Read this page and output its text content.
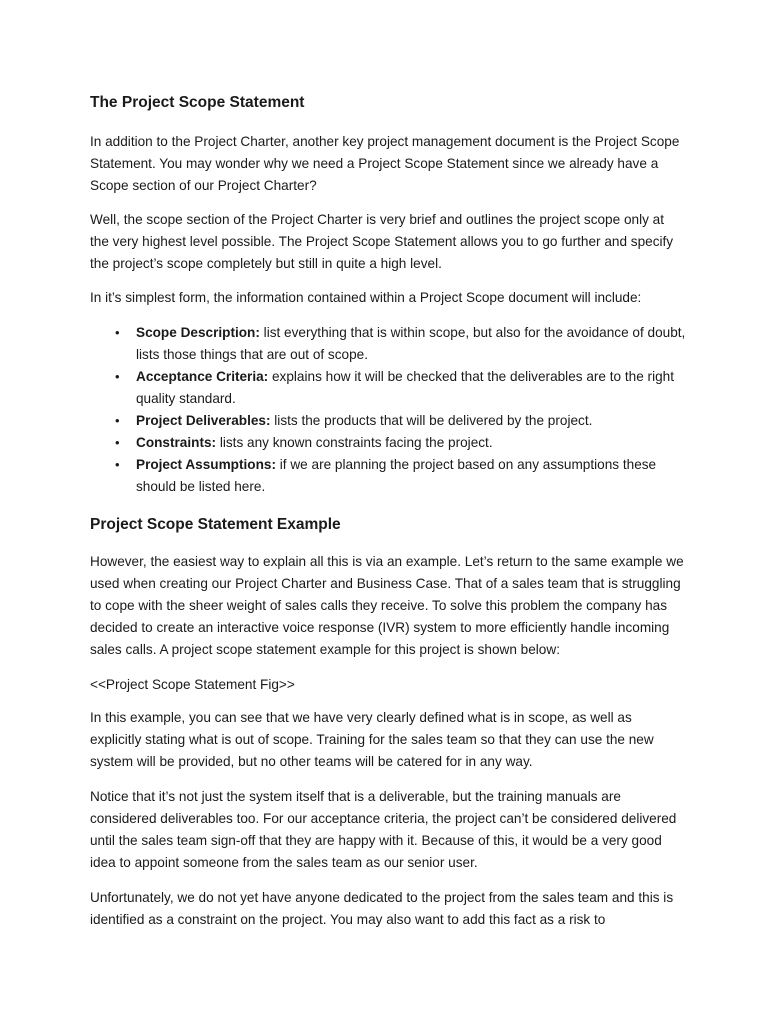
The Project Scope Statement

In addition to the Project Charter, another key project management document is the Project Scope Statement. You may wonder why we need a Project Scope Statement since we already have a Scope section of our Project Charter?

Well, the scope section of the Project Charter is very brief and outlines the project scope only at the very highest level possible. The Project Scope Statement allows you to go further and specify the project’s scope completely but still in quite a high level.

In it’s simplest form, the information contained within a Project Scope document will include:

• Scope Description: list everything that is within scope, but also for the avoidance of doubt, lists those things that are out of scope.
• Acceptance Criteria: explains how it will be checked that the deliverables are to the right quality standard.
• Project Deliverables: lists the products that will be delivered by the project.
• Constraints: lists any known constraints facing the project.
• Project Assumptions: if we are planning the project based on any assumptions these should be listed here.
Project Scope Statement Example

However, the easiest way to explain all this is via an example. Let’s return to the same example we used when creating our Project Charter and Business Case. That of a sales team that is struggling to cope with the sheer weight of sales calls they receive. To solve this problem the company has decided to create an interactive voice response (IVR) system to more efficiently handle incoming sales calls. A project scope statement example for this project is shown below:

<<Project Scope Statement Fig>>

In this example, you can see that we have very clearly defined what is in scope, as well as explicitly stating what is out of scope. Training for the sales team so that they can use the new system will be provided, but no other teams will be catered for in any way.

Notice that it’s not just the system itself that is a deliverable, but the training manuals are considered deliverables too. For our acceptance criteria, the project can’t be considered delivered until the sales team sign-off that they are happy with it. Because of this, it would be a very good idea to appoint someone from the sales team as our senior user.

Unfortunately, we do not yet have anyone dedicated to the project from the sales team and this is identified as a constraint on the project. You may also want to add this fact as a risk to
